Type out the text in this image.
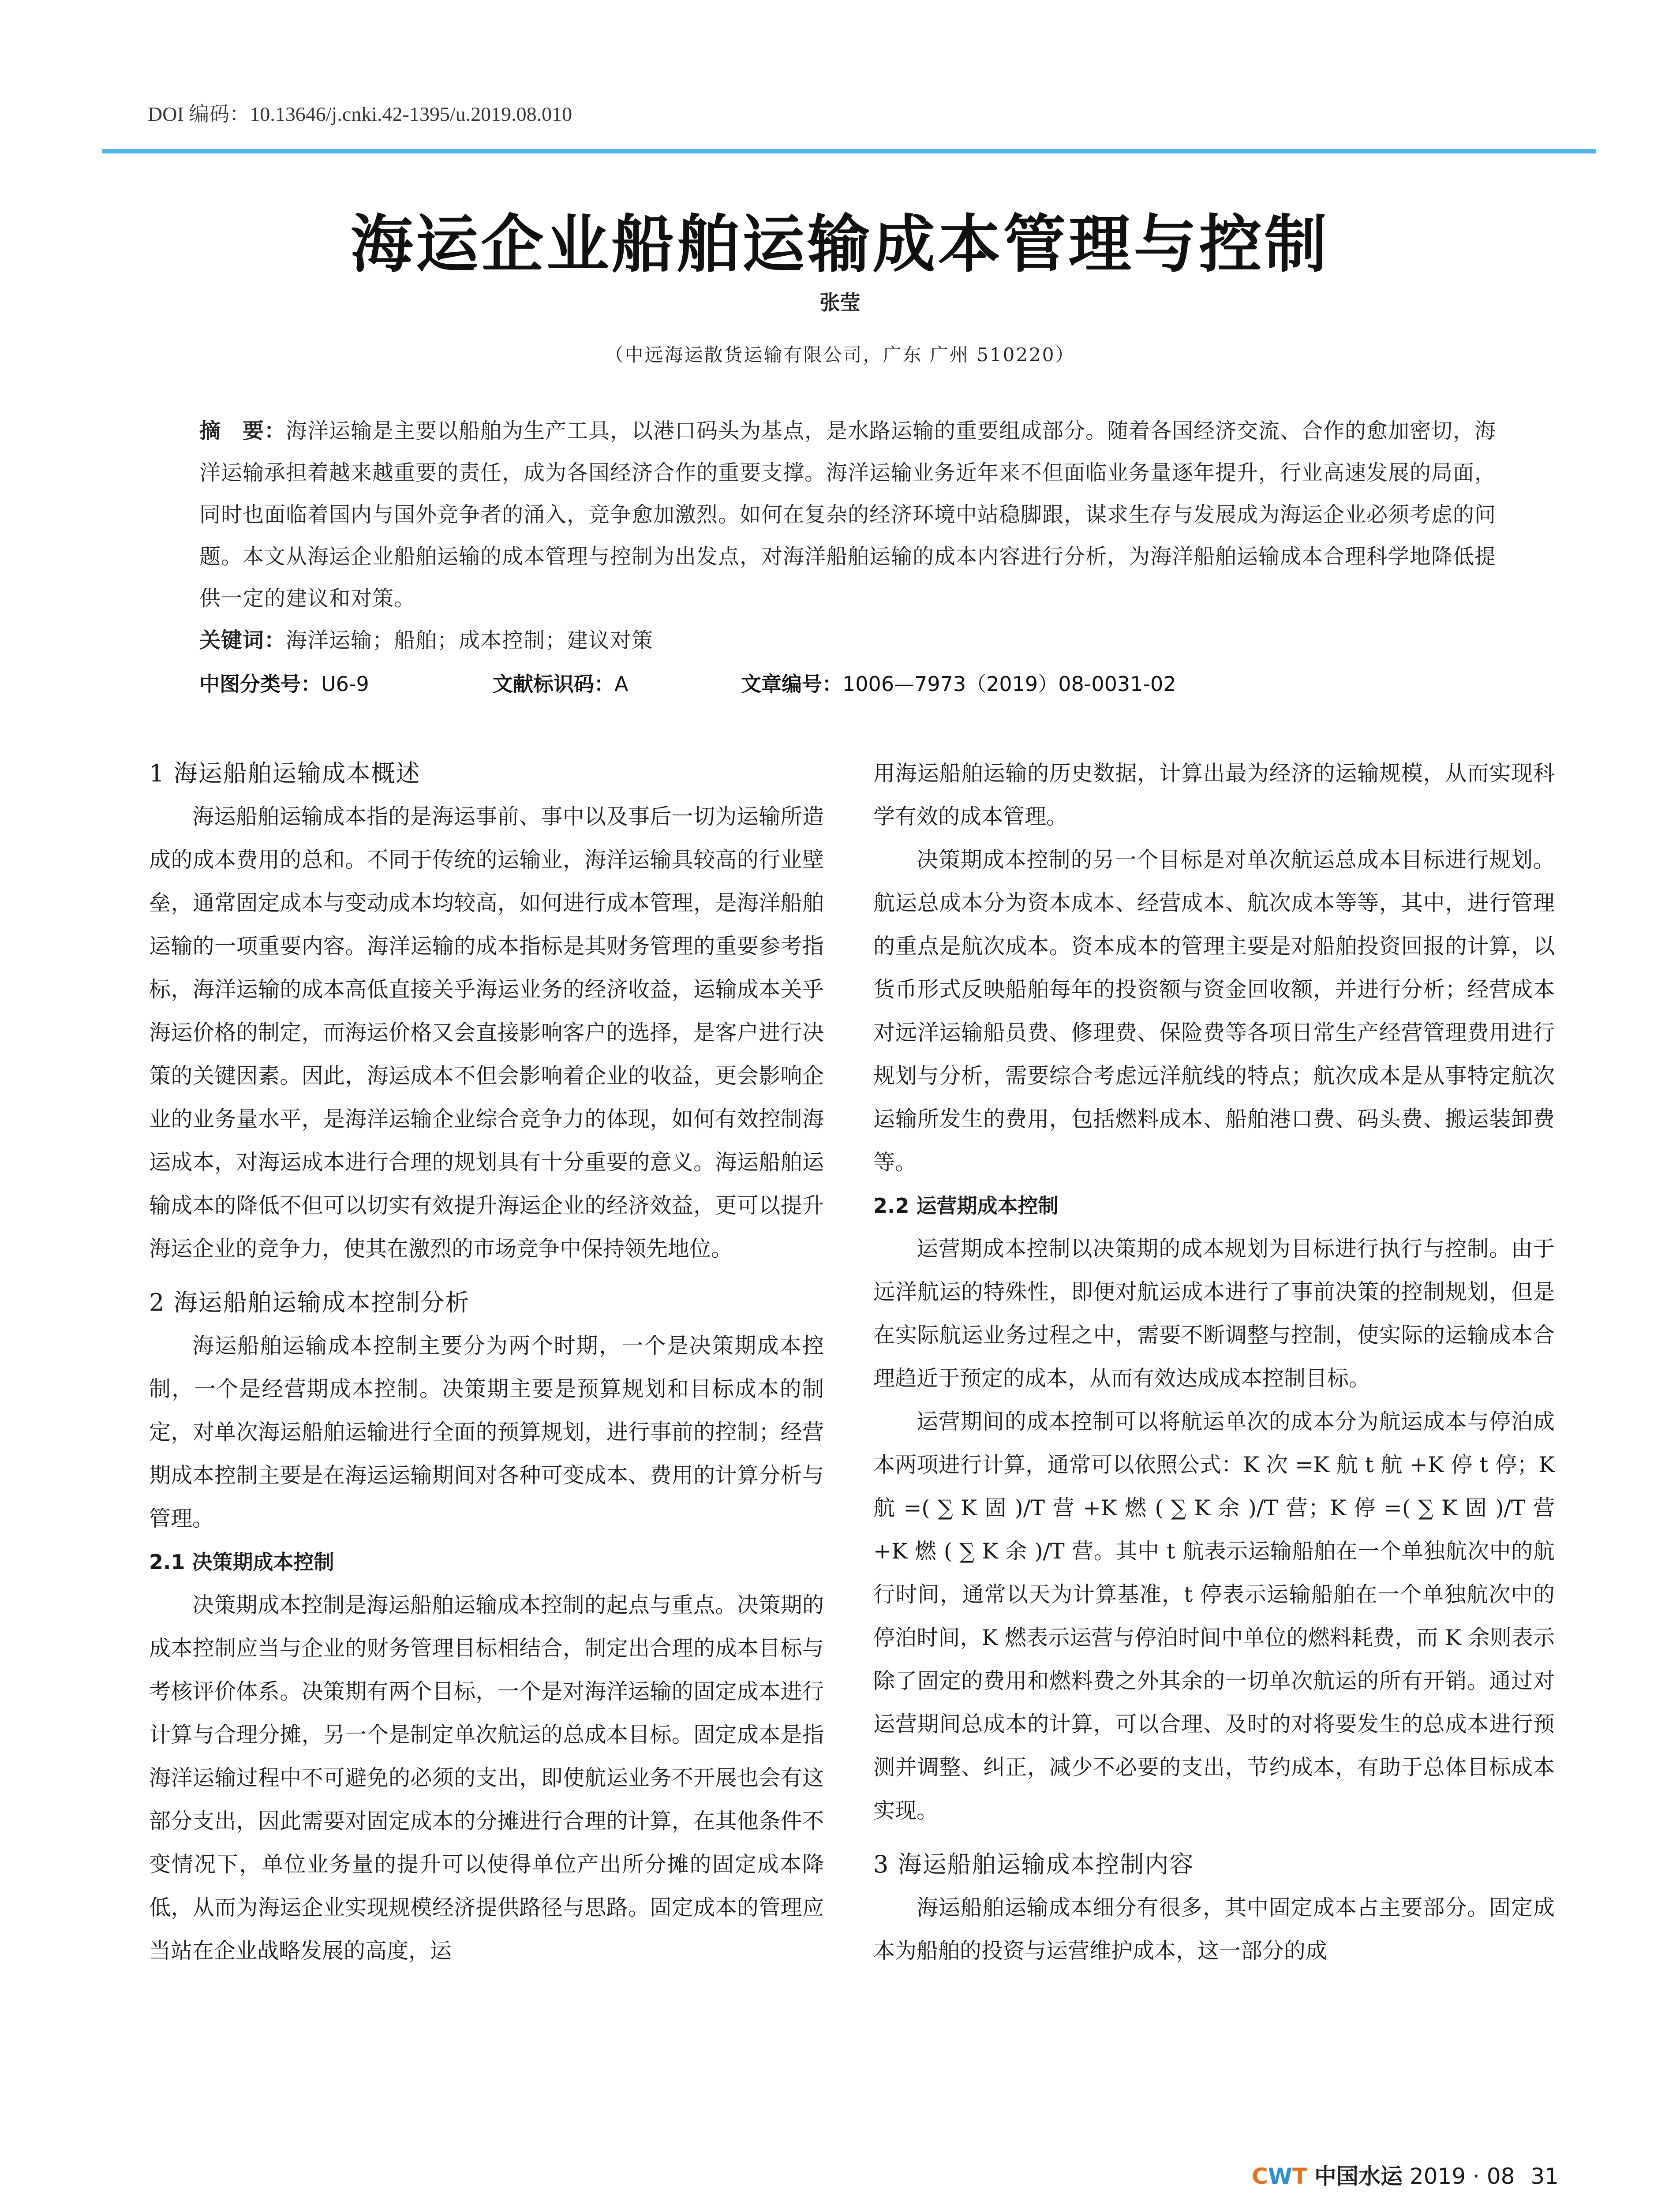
DOI 编码：10.13646/j.cnki.42-1395/u.2019.08.010
海运企业船舶运输成本管理与控制
张莹
（中远海运散货运输有限公司，广东 广州 510220）
摘　要：海洋运输是主要以船舶为生产工具，以港口码头为基点，是水路运输的重要组成部分。随着各国经济交流、合作的愈加密切，海洋运输承担着越来越重要的责任，成为各国经济合作的重要支撑。海洋运输业务近年来不但面临业务量逐年提升，行业高速发展的局面，同时也面临着国内与国外竞争者的涌入，竞争愈加激烈。如何在复杂的经济环境中站稳脚跟，谋求生存与发展成为海运企业必须考虑的问题。本文从海运企业船舶运输的成本管理与控制为出发点，对海洋船舶运输的成本内容进行分析，为海洋船舶运输成本合理科学地降低提供一定的建议和对策。
关键词：海洋运输；船舶；成本控制；建议对策
中图分类号：U6-9	文献标识码：A	文章编号：1006—7973（2019）08-0031-02
1 海运船舶运输成本概述

海运船舶运输成本指的是海运事前、事中以及事后一切为运输所造成的成本费用的总和。不同于传统的运输业，海洋运输具较高的行业壁垒，通常固定成本与变动成本均较高，如何进行成本管理，是海洋船舶运输的一项重要内容。海洋运输的成本指标是其财务管理的重要参考指标，海洋运输的成本高低直接关乎海运业务的经济收益，运输成本关乎海运价格的制定，而海运价格又会直接影响客户的选择，是客户进行决策的关键因素。因此，海运成本不但会影响着企业的收益，更会影响企业的业务量水平，是海洋运输企业综合竞争力的体现，如何有效控制海运成本，对海运成本进行合理的规划具有十分重要的意义。海运船舶运输成本的降低不但可以切实有效提升海运企业的经济效益，更可以提升海运企业的竞争力，使其在激烈的市场竞争中保持领先地位。

2 海运船舶运输成本控制分析

海运船舶运输成本控制主要分为两个时期，一个是决策期成本控制，一个是经营期成本控制。决策期主要是预算规划和目标成本的制定，对单次海运船舶运输进行全面的预算规划，进行事前的控制；经营期成本控制主要是在海运运输期间对各种可变成本、费用的计算分析与管理。

2.1 决策期成本控制

决策期成本控制是海运船舶运输成本控制的起点与重点。决策期的成本控制应当与企业的财务管理目标相结合，制定出合理的成本目标与考核评价体系。决策期有两个目标，一个是对海洋运输的固定成本进行计算与合理分摊，另一个是制定单次航运的总成本目标。固定成本是指海洋运输过程中不可避免的必须的支出，即使航运业务不开展也会有这部分支出，因此需要对固定成本的分摊进行合理的计算，在其他条件不变情况下，单位业务量的提升可以使得单位产出所分摊的固定成本降低，从而为海运企业实现规模经济提供路径与思路。固定成本的管理应当站在企业战略发展的高度，运

用海运船舶运输的历史数据，计算出最为经济的运输规模，从而实现科学有效的成本管理。

决策期成本控制的另一个目标是对单次航运总成本目标进行规划。航运总成本分为资本成本、经营成本、航次成本等等，其中，进行管理的重点是航次成本。资本成本的管理主要是对船舶投资回报的计算，以货币形式反映船舶每年的投资额与资金回收额，并进行分析；经营成本对远洋运输船员费、修理费、保险费等各项日常生产经营管理费用进行规划与分析，需要综合考虑远洋航线的特点；航次成本是从事特定航次运输所发生的费用，包括燃料成本、船舶港口费、码头费、搬运装卸费等。

2.2 运营期成本控制

运营期成本控制以决策期的成本规划为目标进行执行与控制。由于远洋航运的特殊性，即便对航运成本进行了事前决策的控制规划，但是在实际航运业务过程之中，需要不断调整与控制，使实际的运输成本合理趋近于预定的成本，从而有效达成成本控制目标。

运营期间的成本控制可以将航运单次的成本分为航运成本与停泊成本两项进行计算，通常可以依照公式：K 次 =K 航 t 航 +K 停 t 停；K 航 =( ∑ K 固 )/T 营 +K 燃 ( ∑ K 余 )/T 营；K 停 =( ∑ K 固 )/T 营 +K 燃 ( ∑ K 余 )/T 营。其中 t 航表示运输船舶在一个单独航次中的航行时间，通常以天为计算基准，t 停表示运输船舶在一个单独航次中的停泊时间，K 燃表示运营与停泊时间中单位的燃料耗费，而 K 余则表示除了固定的费用和燃料费之外其余的一切单次航运的所有开销。通过对运营期间总成本的计算，可以合理、及时的对将要发生的总成本进行预测并调整、纠正，减少不必要的支出，节约成本，有助于总体目标成本实现。

3 海运船舶运输成本控制内容

海运船舶运输成本细分有很多，其中固定成本占主要部分。固定成本为船舶的投资与运营维护成本，这一部分的成

CWT 中国水运 2019 · 08 31
